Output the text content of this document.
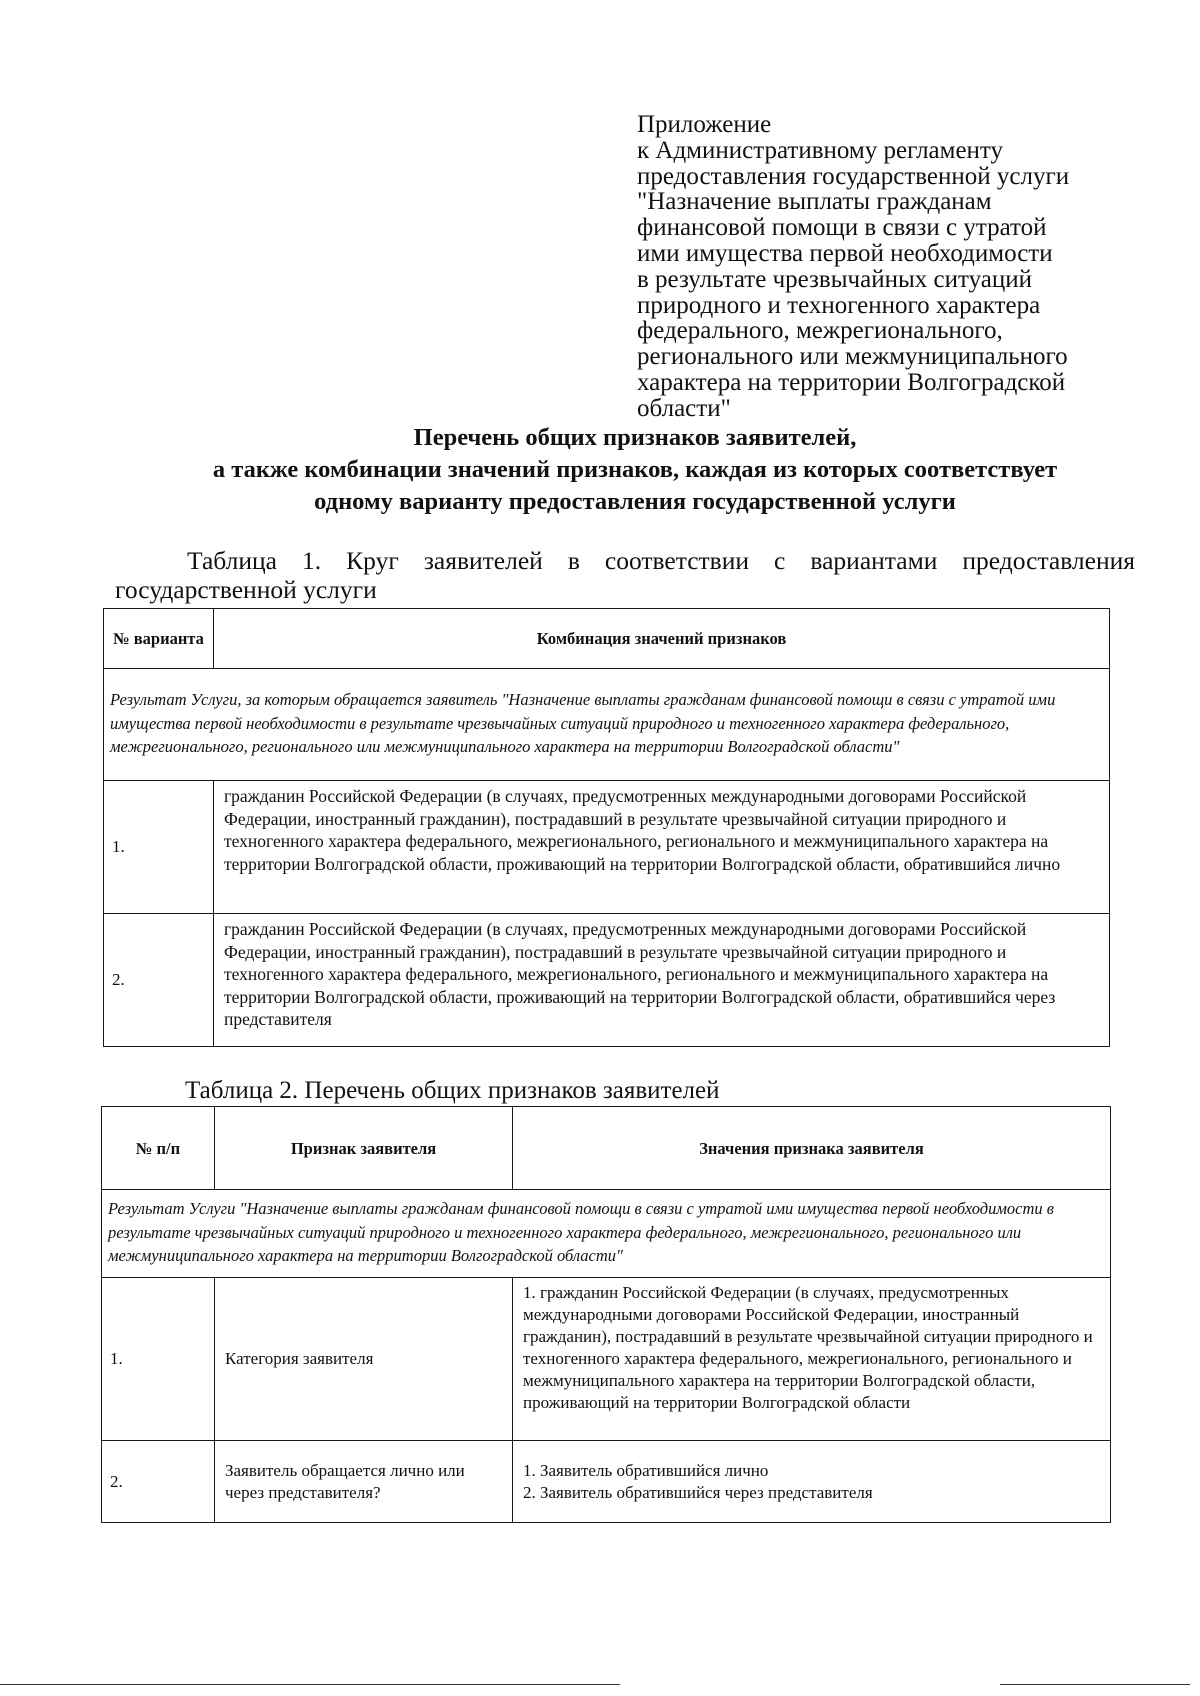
Приложение
к Административному регламенту
предоставления государственной услуги
"Назначение выплаты гражданам
финансовой помощи в связи с утратой
ими имущества первой необходимости
в результате чрезвычайных ситуаций
природного и техногенного характера
федерального, межрегионального,
регионального или межмуниципального
характера на территории Волгоградской
области"
Перечень общих признаков заявителей,
а также комбинации значений признаков, каждая из которых соответствует
одному варианту предоставления государственной услуги
Таблица 1. Круг заявителей в соответствии с вариантами предоставления государственной услуги
№ варианта	Комбинация значений признаков
Результат Услуги, за которым обращается заявитель "Назначение выплаты гражданам финансовой помощи в связи с утратой ими имущества первой необходимости в результате чрезвычайных ситуаций природного и техногенного характера федерального, межрегионального, регионального или межмуниципального характера на территории Волгоградской области"	
1.	гражданин Российской Федерации (в случаях, предусмотренных международными договорами Российской Федерации, иностранный гражданин), пострадавший в результате чрезвычайной ситуации природного и техногенного характера федерального, межрегионального, регионального и межмуниципального характера на территории Волгоградской области, проживающий на территории Волгоградской области, обратившийся лично
2.	гражданин Российской Федерации (в случаях, предусмотренных международными договорами Российской Федерации, иностранный гражданин), пострадавший в результате чрезвычайной ситуации природного и техногенного характера федерального, межрегионального, регионального и межмуниципального характера на территории Волгоградской области, проживающий на территории Волгоградской области, обратившийся через представителя
Таблица 2. Перечень общих признаков заявителей
№ п/п	Признак заявителя	Значения признака заявителя
Результат Услуги "Назначение выплаты гражданам финансовой помощи в связи с утратой ими имущества первой необходимости в результате чрезвычайных ситуаций природного и техногенного характера федерального, межрегионального, регионального или межмуниципального характера на территории Волгоградской области"		
1.	Категория заявителя	1. гражданин Российской Федерации (в случаях, предусмотренных международными договорами Российской Федерации, иностранный гражданин), пострадавший в результате чрезвычайной ситуации природного и техногенного характера федерального, межрегионального, регионального и межмуниципального характера на территории Волгоградской области, проживающий на территории Волгоградской области
2.	Заявитель обращается лично или через представителя?	1. Заявитель обратившийся лично
2. Заявитель обратившийся через представителя
